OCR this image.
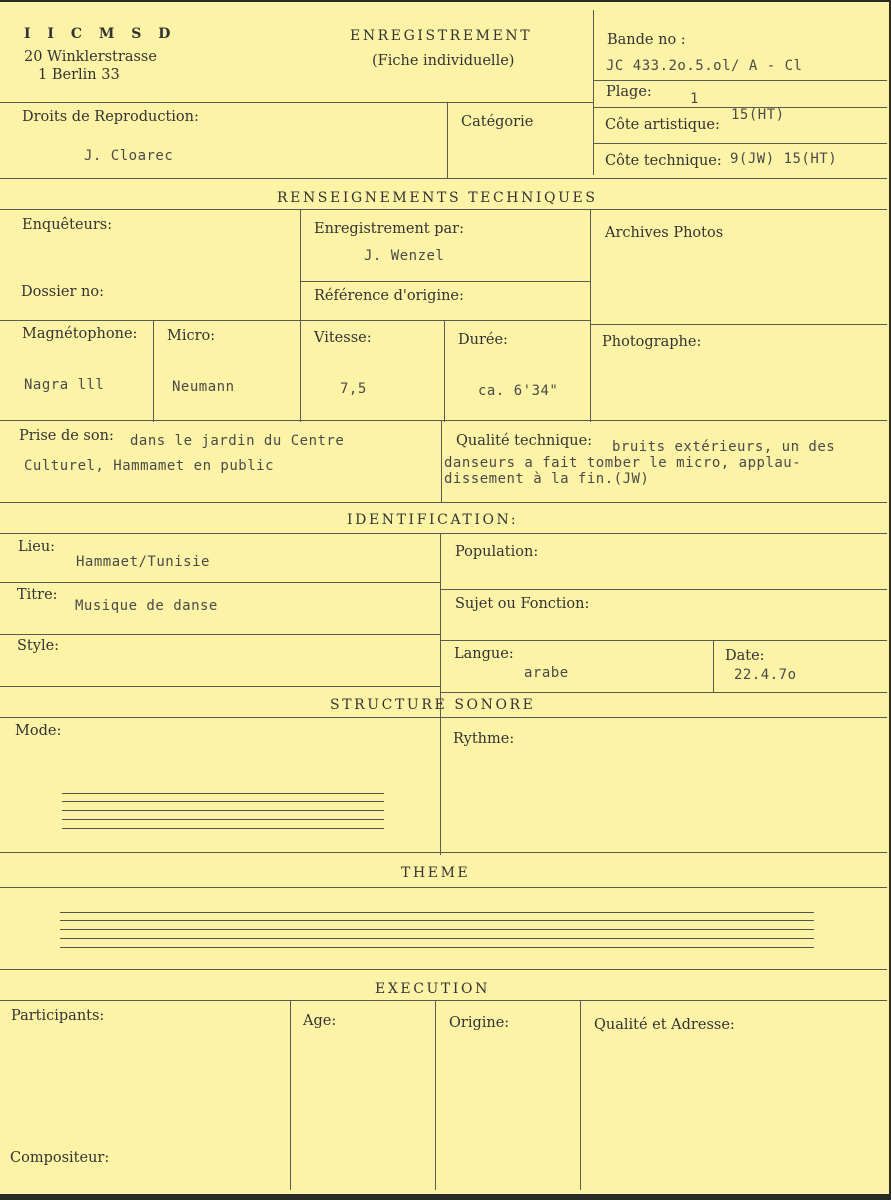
I I C M S D
20 Winklerstrasse
1 Berlin 33
ENREGISTREMENT
(Fiche individuelle)
Bande no :
JC 433.2o.5.ol/ A - Cl
Plage:	1
Droits de Reproduction:
J. Cloarec
Catégorie	Côte artistique:
15(HT)
Côte technique: 9(JW) 15(HT)
RENSEIGNEMENTS TECHNIQUES
Enquêteurs:	Enregistrement par:
J. Wenzel
Archives Photos
Dossier no:	Référence d'origine:
Magnétophone:
Nagra lll
Micro:
Neumann
Vitesse:
7,5
Durée:
ca. 6'34"
Photographe:
Prise de son: dans le jardin du Centre
Culturel, Hammamet en public
Qualité technique: bruits extérieurs, un des
danseurs a fait tomber le micro, applau-
dissement à la fin.(JW)
IDENTIFICATION:
Lieu:
Hammaet/Tunisie
Population:
Titre:
Musique de danse	Sujet ou Fonction:
Style:	Langue:
arabe
Date:
22.4.7o
STRUCTURE SONORE
Mode:	Rythme:
THEME
EXECUTION
Participants:	Age:	Origine:	Qualité et Adresse:
Compositeur:
